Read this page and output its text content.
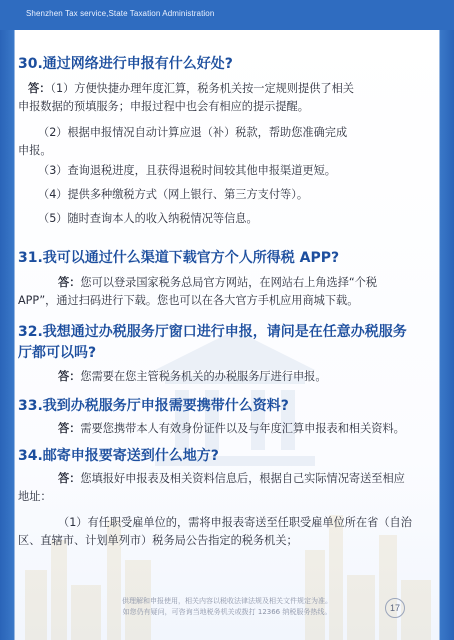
Shenzhen Tax service,State Taxation Administration
30.通过网络进行申报有什么好处?
答：（1）方便快捷办理年度汇算，税务机关按一定规则提供了相关
申报数据的预填服务；申报过程中也会有相应的提示提醒。
（2）根据申报情况自动计算应退（补）税款，帮助您准确完成
申报。
（3）查询退税进度，且获得退税时间较其他申报渠道更短。
（4）提供多种缴税方式（网上银行、第三方支付等）。
（5）随时查询本人的收入纳税情况等信息。
31.我可以通过什么渠道下载官方个人所得税 APP?
答：您可以登录国家税务总局官方网站，在网站右上角选择“个税
APP”，通过扫码进行下载。您也可以在各大官方手机应用商城下载。
32.我想通过办税服务厅窗口进行申报，请问是在任意办税服务
厅都可以吗?
答：您需要在您主管税务机关的办税服务厅进行申报。
33.我到办税服务厅申报需要携带什么资料?
答：需要您携带本人有效身份证件以及与年度汇算申报表和相关资料。
34.邮寄申报要寄送到什么地方?
答：您填报好申报表及相关资料信息后，根据自己实际情况寄送至相应
地址：
（1）有任职受雇单位的，需将申报表寄送至任职受雇单位所在省（自治
区、直辖市、计划单列市）税务局公告指定的税务机关；
供理解和申报使用，相关内容以税收法律法规及相关文件规定为准。
如您仍有疑问，可咨询当地税务机关或拨打 12366 纳税服务热线。	17
